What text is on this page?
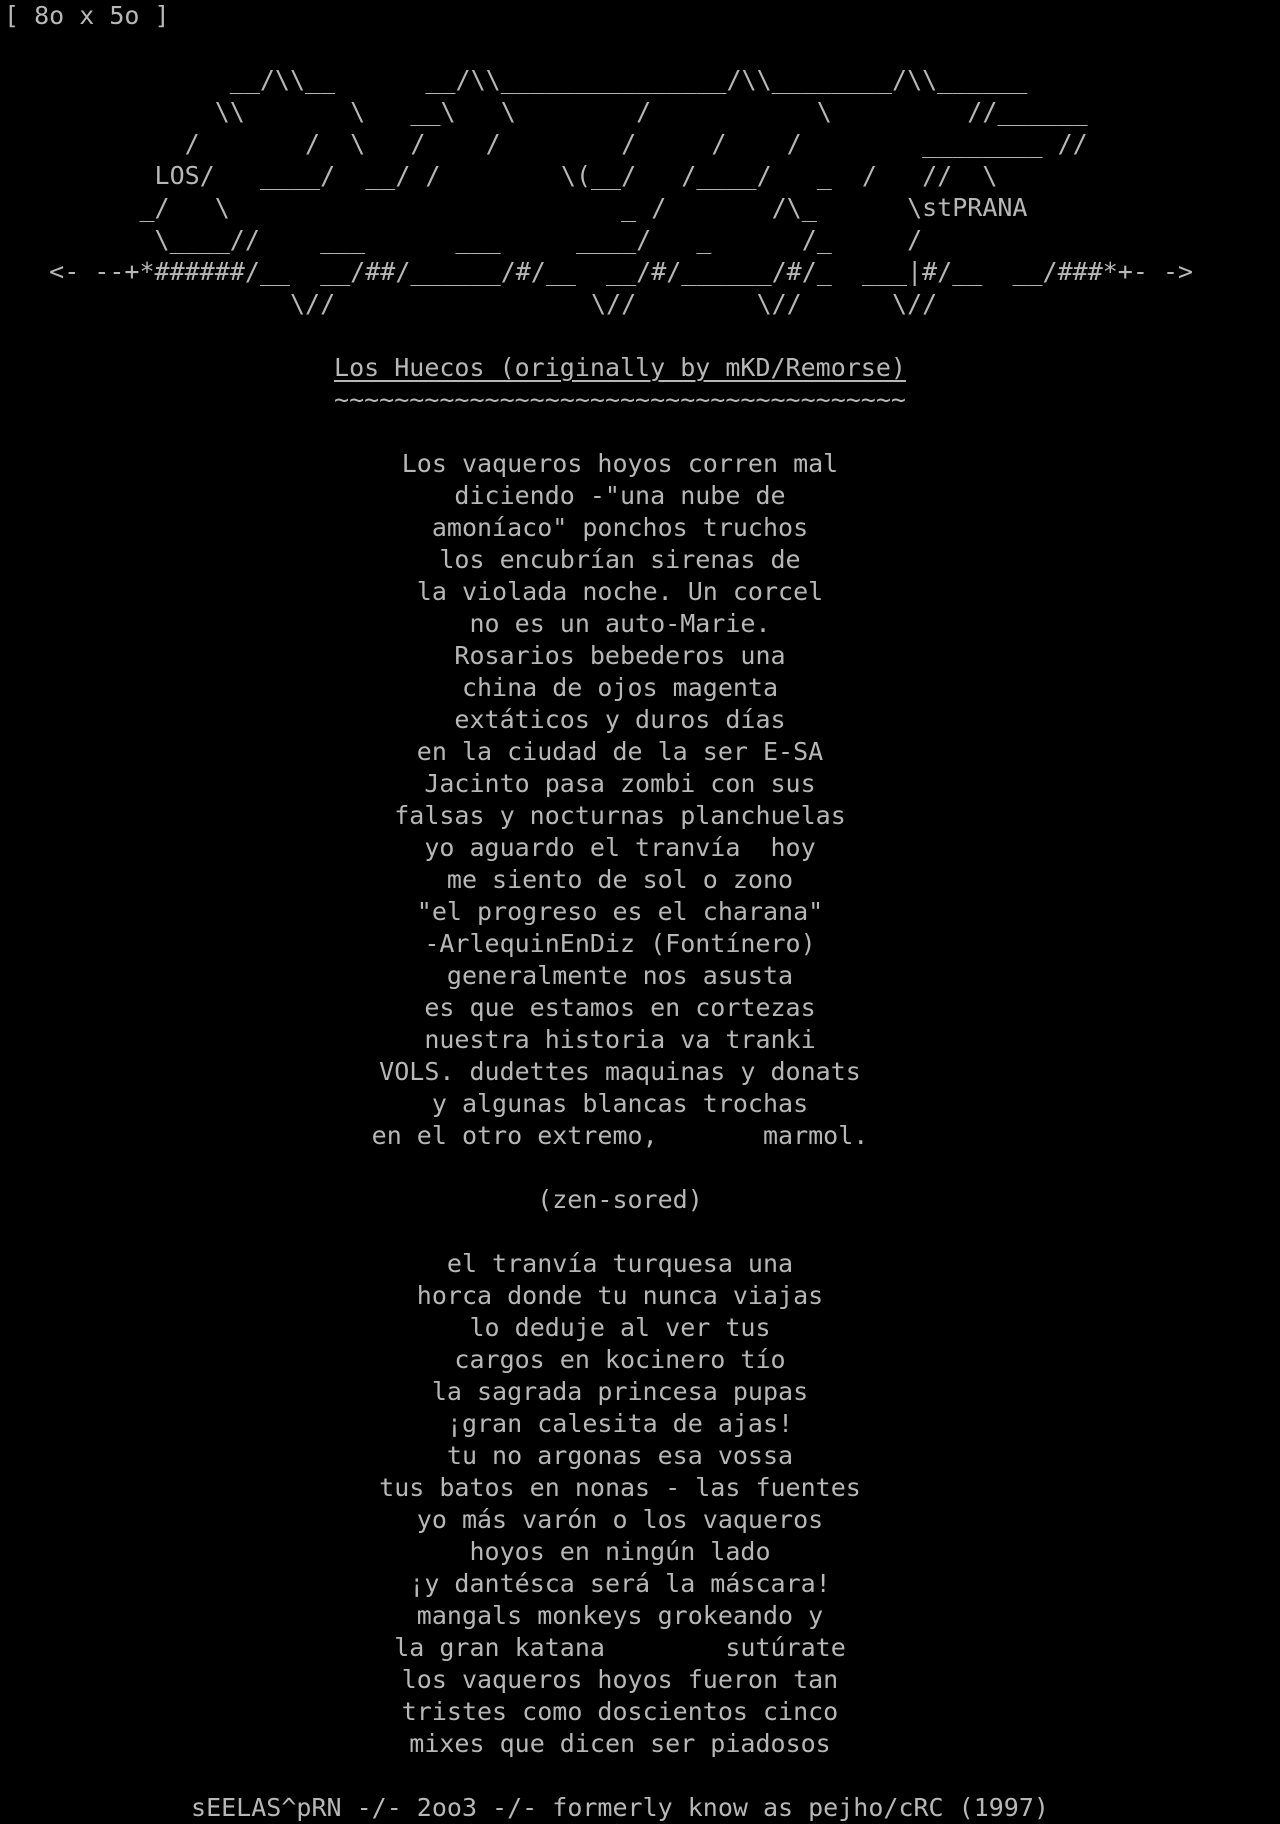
[ 8o x 5o ]
__/\\__      __/\\_______________/\\________/\\______
\\       \   __\   \        /           \         //______
/       /  \   /    /        /     /    /        ________ //
LOS/   ____/  __/ /        \(__/   /____/   _  /   //  \
_/   \                          _ /       /\_      \stPRANA
\____//    ___      ___     ____/   _      /_     /
<- --+*######/__  __/##/______/#/__  __/#/______/#/_  ___|#/__  __/###*+- ->
\//                 \//        \//      \//
Los Huecos (originally by mKD/Remorse)
~~~~~~~~~~~~~~~~~~~~~~~~~~~~~~~~~~~~~~
Los vaqueros hoyos corren mal
diciendo -"una nube de
amoníaco" ponchos truchos
los encubrían sirenas de
la violada noche. Un corcel
no es un auto-Marie.
Rosarios bebederos una
china de ojos magenta
extáticos y duros días
en la ciudad de la ser E-SA
Jacinto pasa zombi con sus
falsas y nocturnas planchuelas
yo aguardo el tranvía  hoy
me siento de sol o zono
"el progreso es el charana"
-ArlequinEnDiz (Fontínero)
generalmente nos asusta
es que estamos en cortezas
nuestra historia va tranki
VOLS. dudettes maquinas y donats
y algunas blancas trochas
en el otro extremo,       marmol.
(zen-sored)
el tranvía turquesa una
horca donde tu nunca viajas
lo deduje al ver tus
cargos en kocinero tío
la sagrada princesa pupas
¡gran calesita de ajas!
tu no argonas esa vossa
tus batos en nonas - las fuentes
yo más varón o los vaqueros
hoyos en ningún lado
¡y dantésca será la máscara!
mangals monkeys grokeando y
la gran katana        sutúrate
los vaqueros hoyos fueron tan
tristes como doscientos cinco
mixes que dicen ser piadosos
sEELAS^pRN -/- 2oo3 -/- formerly know as pejho/cRC (1997)
